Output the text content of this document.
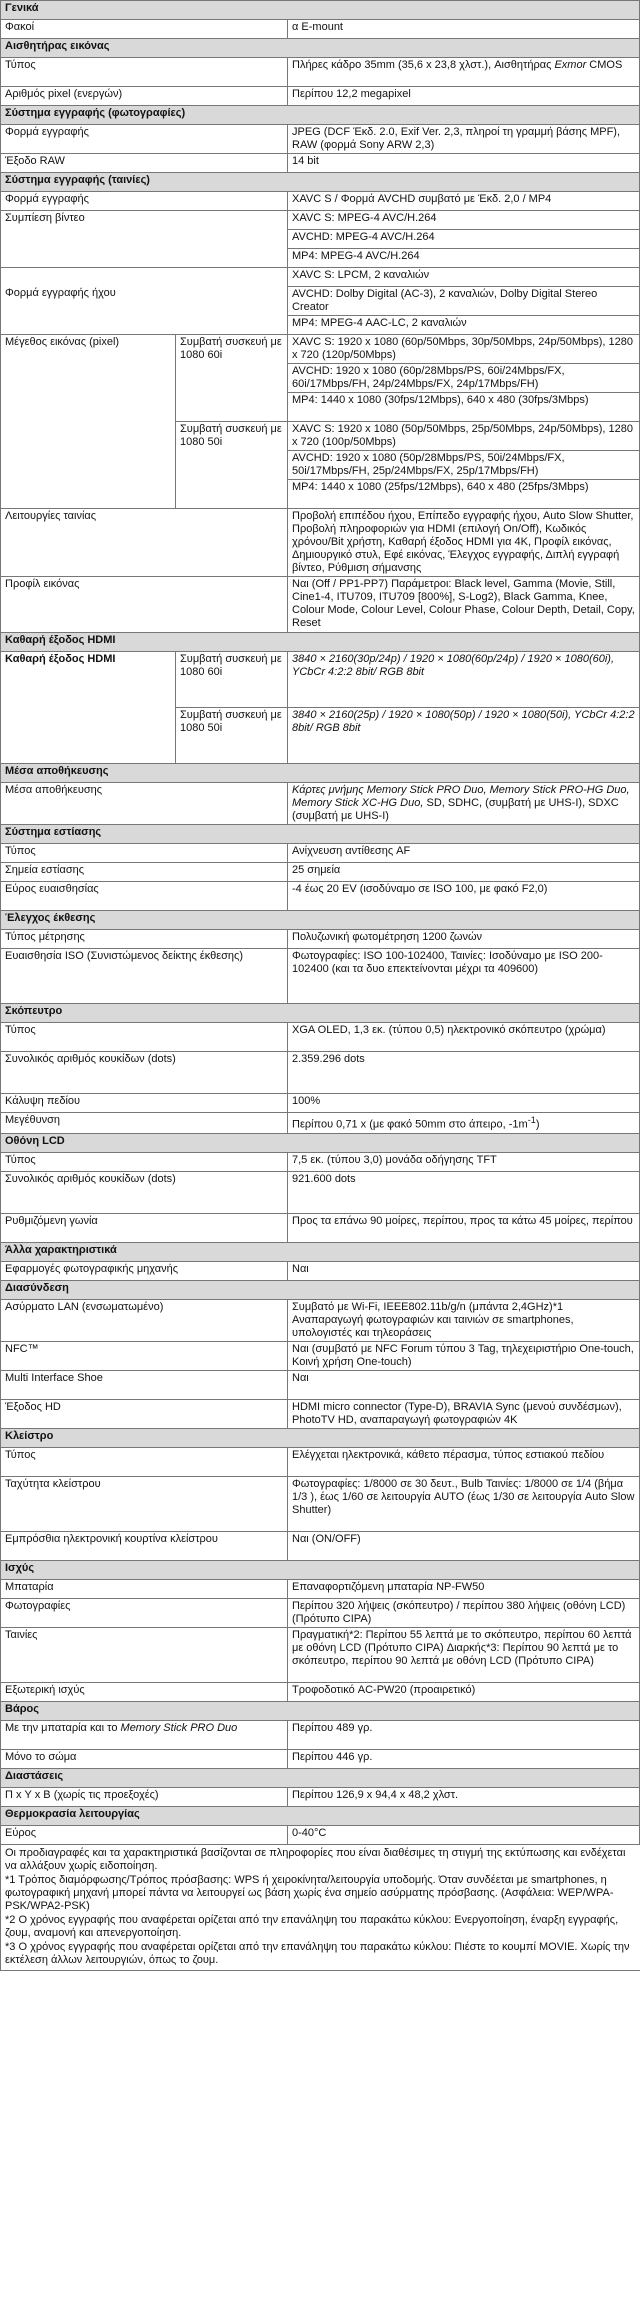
Γενικά		
Φακοί		α E-mount
Αισθητήρας εικόνας		
Τύπος		Πλήρες κάδρο 35mm (35,6 x 23,8 χλστ.), Αισθητήρας Exmor CMOS
Αριθμός pixel (ενεργών)		Περίπου 12,2 megapixel
Σύστημα εγγραφής (φωτογραφίες)		
Φορμά εγγραφής		JPEG (DCF Έκδ. 2.0, Exif Ver. 2,3, πληροί τη γραμμή βάσης MPF), RAW (φορμά Sony ARW 2,3)
Έξοδο RAW		14 bit
Σύστημα εγγραφής (ταινίες)		
Φορμά εγγραφής		XAVC S / Φορμά AVCHD συμβατό με Έκδ. 2,0 / MP4
Συμπίεση βίντεο		XAVC S: MPEG-4 AVC/H.264
		AVCHD: MPEG-4 AVC/H.264
		MP4: MPEG-4 AVC/H.264

Φορμά εγγραφής ήχου		XAVC S: LPCM, 2 καναλιών
		AVCHD: Dolby Digital (AC-3), 2 καναλιών, Dolby Digital Stereo Creator
		MP4: MPEG-4 AAC-LC, 2 καναλιών
Μέγεθος εικόνας (pixel)	Συμβατή συσκευή με 1080 60i	XAVC S: 1920 x 1080 (60p/50Mbps, 30p/50Mbps, 24p/50Mbps), 1280 x 720 (120p/50Mbps)
		AVCHD: 1920 x 1080 (60p/28Mbps/PS, 60i/24Mbps/FX, 60i/17Mbps/FH, 24p/24Mbps/FX, 24p/17Mbps/FH)
		MP4: 1440 x 1080 (30fps/12Mbps), 640 x 480 (30fps/3Mbps)
	Συμβατή συσκευή με 1080 50i	XAVC S: 1920 x 1080 (50p/50Mbps, 25p/50Mbps, 24p/50Mbps), 1280 x 720 (100p/50Mbps)
		AVCHD: 1920 x 1080 (50p/28Mbps/PS, 50i/24Mbps/FX, 50i/17Mbps/FH, 25p/24Mbps/FX, 25p/17Mbps/FH)
		MP4: 1440 x 1080 (25fps/12Mbps), 640 x 480 (25fps/3Mbps)
Λειτουργίες ταινίας		Προβολή επιπέδου ήχου, Επίπεδο εγγραφής ήχου, Auto Slow Shutter, Προβολή πληροφοριών για HDMI (επιλογή On/Off), Κωδικός χρόνου/Bit χρήστη, Καθαρή έξοδος HDMI για 4K, Προφίλ εικόνας, Δημιουργικό στυλ, Εφέ εικόνας, Έλεγχος εγγραφής, Διπλή εγγραφή βίντεο, Ρύθμιση σήμανσης
Προφίλ εικόνας		Ναι (Off / PP1-PP7) Παράμετροι: Black level, Gamma (Movie, Still, Cine1-4, ITU709, ITU709 [800%], S-Log2), Black Gamma, Knee, Colour Mode, Colour Level, Colour Phase, Colour Depth, Detail, Copy, Reset
Καθαρή έξοδος HDMI		
Καθαρή έξοδος HDMI	Συμβατή συσκευή με 1080 60i	3840 × 2160(30p/24p) / 1920 × 1080(60p/24p) / 1920 × 1080(60i), YCbCr 4:2:2 8bit/ RGB 8bit
	Συμβατή συσκευή με 1080 50i	3840 × 2160(25p) / 1920 × 1080(50p) / 1920 × 1080(50i), YCbCr 4:2:2 8bit/ RGB 8bit
Μέσα αποθήκευσης		
Μέσα αποθήκευσης		Κάρτες μνήμης Memory Stick PRO Duo, Memory Stick PRO-HG Duo, Memory Stick XC-HG Duo, SD, SDHC, (συμβατή με UHS-I), SDXC (συμβατή με UHS-I)
Σύστημα εστίασης		
Τύπος		Ανίχνευση αντίθεσης AF
Σημεία εστίασης		25 σημεία
Εύρος ευαισθησίας		-4 έως 20 EV (ισοδύναμο σε ISO 100, με φακό F2,0)
Έλεγχος έκθεσης		
Τύπος μέτρησης		Πολυζωνική φωτομέτρηση 1200 ζωνών
Ευαισθησία ISO (Συνιστώμενος δείκτης έκθεσης)		Φωτογραφίες: ISO 100-102400, Ταινίες: Ισοδύναμο με ISO 200-102400 (και τα δυο επεκτείνονται μέχρι τα 409600)
Σκόπευτρο		
Τύπος		XGA OLED, 1,3 εκ. (τύπου 0,5) ηλεκτρονικό σκόπευτρο (χρώμα)
Συνολικός αριθμός κουκίδων (dots)		2.359.296 dots
Κάλυψη πεδίου		100%
Μεγέθυνση		Περίπου 0,71 x (με φακό 50mm στο άπειρο, $-1m^{-1}$)
Οθόνη LCD		
Τύπος		7,5 εκ. (τύπου 3,0) μονάδα οδήγησης TFT
Συνολικός αριθμός κουκίδων (dots)		921.600 dots
Ρυθμιζόμενη γωνία		Προς τα επάνω 90 μοίρες, περίπου, προς τα κάτω 45 μοίρες, περίπου
Άλλα χαρακτηριστικά		
Εφαρμογές φωτογραφικής μηχανής		Ναι
Διασύνδεση		
Ασύρματο LAN (ενσωματωμένο)		Συμβατό με Wi-Fi, IEEE802.11b/g/n (μπάντα 2,4GHz)*1 Αναπαραγωγή φωτογραφιών και ταινιών σε smartphones, υπολογιστές και τηλεοράσεις
NFC™		Ναι (συμβατό με NFC Forum τύπου 3 Tag, τηλεχειριστήριο One-touch, Κοινή χρήση One-touch)
Multi Interface Shoe		Ναι
Έξοδος HD		HDMI micro connector (Type-D), BRAVIA Sync (μενού συνδέσμων), PhotoTV HD, αναπαραγωγή φωτογραφιών 4K
Κλείστρο		
Τύπος		Ελέγχεται ηλεκτρονικά, κάθετο πέρασμα, τύπος εστιακού πεδίου
Ταχύτητα κλείστρου		Φωτογραφίες: 1/8000 σε 30 δευτ., Bulb Ταινίες: 1/8000 σε 1/4 (βήμα 1/3 ), έως 1/60 σε λειτουργία AUTO (έως 1/30 σε λειτουργία Auto Slow Shutter)
Εμπρόσθια ηλεκτρονική κουρτίνα κλείστρου		Ναι (ON/OFF)
Ισχύς		
Μπαταρία		Επαναφορτιζόμενη μπαταρία NP-FW50
Φωτογραφίες		Περίπου 320 λήψεις (σκόπευτρο) / περίπου 380 λήψεις (οθόνη LCD) (Πρότυπο CIPA)
Ταινίες		Πραγματική*2: Περίπου 55 λεπτά με το σκόπευτρο, περίπου 60 λεπτά με οθόνη LCD (Πρότυπο CIPA) Διαρκής*3: Περίπου 90 λεπτά με το σκόπευτρο, περίπου 90 λεπτά με οθόνη LCD (Πρότυπο CIPA)
Εξωτερική ισχύς		Τροφοδοτικό AC-PW20 (προαιρετικό)
Βάρος		
Με την μπαταρία και το Memory Stick PRO Duo		Περίπου 489 γρ.
Μόνο το σώμα		Περίπου 446 γρ.
Διαστάσεις		
Π x Υ x Β (χωρίς τις προεξοχές)		Περίπου 126,9 x 94,4 x 48,2 χλστ.
Θερμοκρασία λειτουργίας		
Εύρος		0-40°C

Οι προδιαγραφές και τα χαρακτηριστικά βασίζονται σε πληροφορίες που είναι διαθέσιμες τη στιγμή της εκτύπωσης και ενδέχεται να αλλάξουν χωρίς ειδοποίηση.

*1 Τρόπος διαμόρφωσης/Τρόπος πρόσβασης: WPS ή χειροκίνητα/λειτουργία υποδομής. Όταν συνδέεται με smartphones, η φωτογραφική μηχανή μπορεί πάντα να λειτουργεί ως βάση χωρίς ένα σημείο ασύρματης πρόσβασης. (Ασφάλεια: WEP/WPA-PSK/WPA2-PSK)

*2 Ο χρόνος εγγραφής που αναφέρεται ορίζεται από την επανάληψη του παρακάτω κύκλου: Ενεργοποίηση, έναρξη εγγραφής, ζουμ, αναμονή και απενεργοποίηση.

*3 Ο χρόνος εγγραφής που αναφέρεται ορίζεται από την επανάληψη του παρακάτω κύκλου: Πιέστε το κουμπί MOVIE. Χωρίς την εκτέλεση άλλων λειτουργιών, όπως το ζουμ.
